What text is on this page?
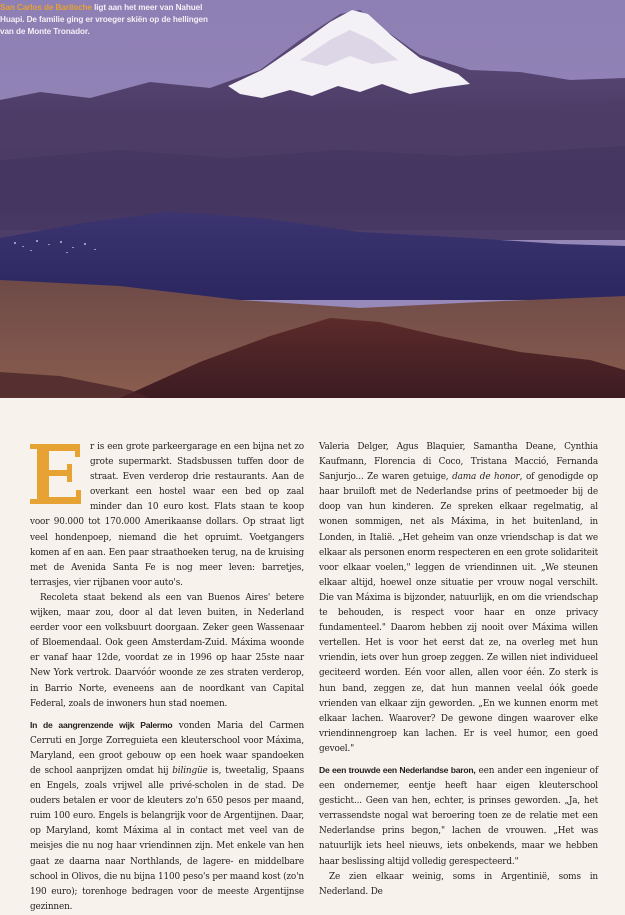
San Carlos de Bariloche ligt aan het meer van Nahuel Huapi. De familie ging er vroeger skiën op de hellingen van de Monte Tronador.

r is een grote parkeergarage en een bijna net zo grote supermarkt. Stadsbussen tuffen door de straat. Even verderop drie restaurants. Aan de overkant een hostel waar een bed op zaal minder dan 10 euro kost. Flats staan te koop voor 90.000 tot 170.000 Amerikaanse dollars. Op straat ligt veel hondenpoep, niemand die het opruimt. Voetgangers komen af en aan. Een paar straathoeken terug, na de kruising met de Avenida Santa Fe is nog meer leven: barretjes, terrasjes, vier rijbanen voor auto's.

Recoleta staat bekend als een van Buenos Aires' betere wijken, maar zou, door al dat leven buiten, in Nederland eerder voor een volksbuurt doorgaan. Zeker geen Wassenaar of Bloemendaal. Ook geen Amsterdam-Zuid. Máxima woonde er vanaf haar 12de, voordat ze in 1996 op haar 25ste naar New York vertrok. Daarvóór woonde ze zes straten verderop, in Barrio Norte, eveneens aan de noordkant van Capital Federal, zoals de inwoners hun stad noemen.

In de aangrenzende wijk Palermo vonden Maria del Carmen Cerruti en Jorge Zorreguieta een kleuterschool voor Máxima, Maryland, een groot gebouw op een hoek waar spandoeken de school aanprijzen omdat hij bilingüe is, tweetalig, Spaans en Engels, zoals vrijwel alle privé-scholen in de stad. De ouders betalen er voor de kleuters zo'n 650 pesos per maand, ruim 100 euro. Engels is belangrijk voor de Argentijnen. Daar, op Maryland, komt Máxima al in contact met veel van de meisjes die nu nog haar vriendinnen zijn. Met enkele van hen gaat ze daarna naar Northlands, de lagere- en middelbare school in Olivos, die nu bijna 1100 peso's per maand kost (zo'n 190 euro); torenhoge bedragen voor de meeste Argentijnse gezinnen.

Valeria Delger, Agus Blaquier, Samantha Deane, Cynthia Kaufmann, Florencia di Coco, Tristana Macció, Fernanda Sanjurjo... Ze waren getuige, dama de honor, of genodigde op haar bruiloft met de Nederlandse prins of peetmoeder bij de doop van hun kinderen. Ze spreken elkaar regelmatig, al wonen sommigen, net als Máxima, in het buitenland, in Londen, in Italië. „Het geheim van onze vriendschap is dat we elkaar als personen enorm respecteren en een grote solidariteit voor elkaar voelen," leggen de vriendinnen uit. „We steunen elkaar altijd, hoewel onze situatie per vrouw nogal verschilt. Die van Máxima is bijzonder, natuurlijk, en om die vriendschap te behouden, is respect voor haar en onze privacy fundamenteel." Daarom hebben zij nooit over Máxima willen vertellen. Het is voor het eerst dat ze, na overleg met hun vriendin, iets over hun groep zeggen. Ze willen niet individueel geciteerd worden. Eén voor allen, allen voor één. Zo sterk is hun band, zeggen ze, dat hun mannen veelal óók goede vrienden van elkaar zijn geworden. „En we kunnen enorm met elkaar lachen. Waarover? De gewone dingen waarover elke vriendinnengroep kan lachen. Er is veel humor, een goed gevoel."

De een trouwde een Nederlandse baron, een ander een ingenieur of een ondernemer, eentje heeft haar eigen kleuterschool gesticht... Geen van hen, echter, is prinses geworden. „Ja, het verrassendste nogal wat beroering toen ze de relatie met een Nederlandse prins begon," lachen de vrouwen. „Het was natuurlijk iets heel nieuws, iets onbekends, maar we hebben haar beslissing altijd volledig gerespecteerd."

Ze zien elkaar weinig, soms in Argentinië, soms in Nederland. De
